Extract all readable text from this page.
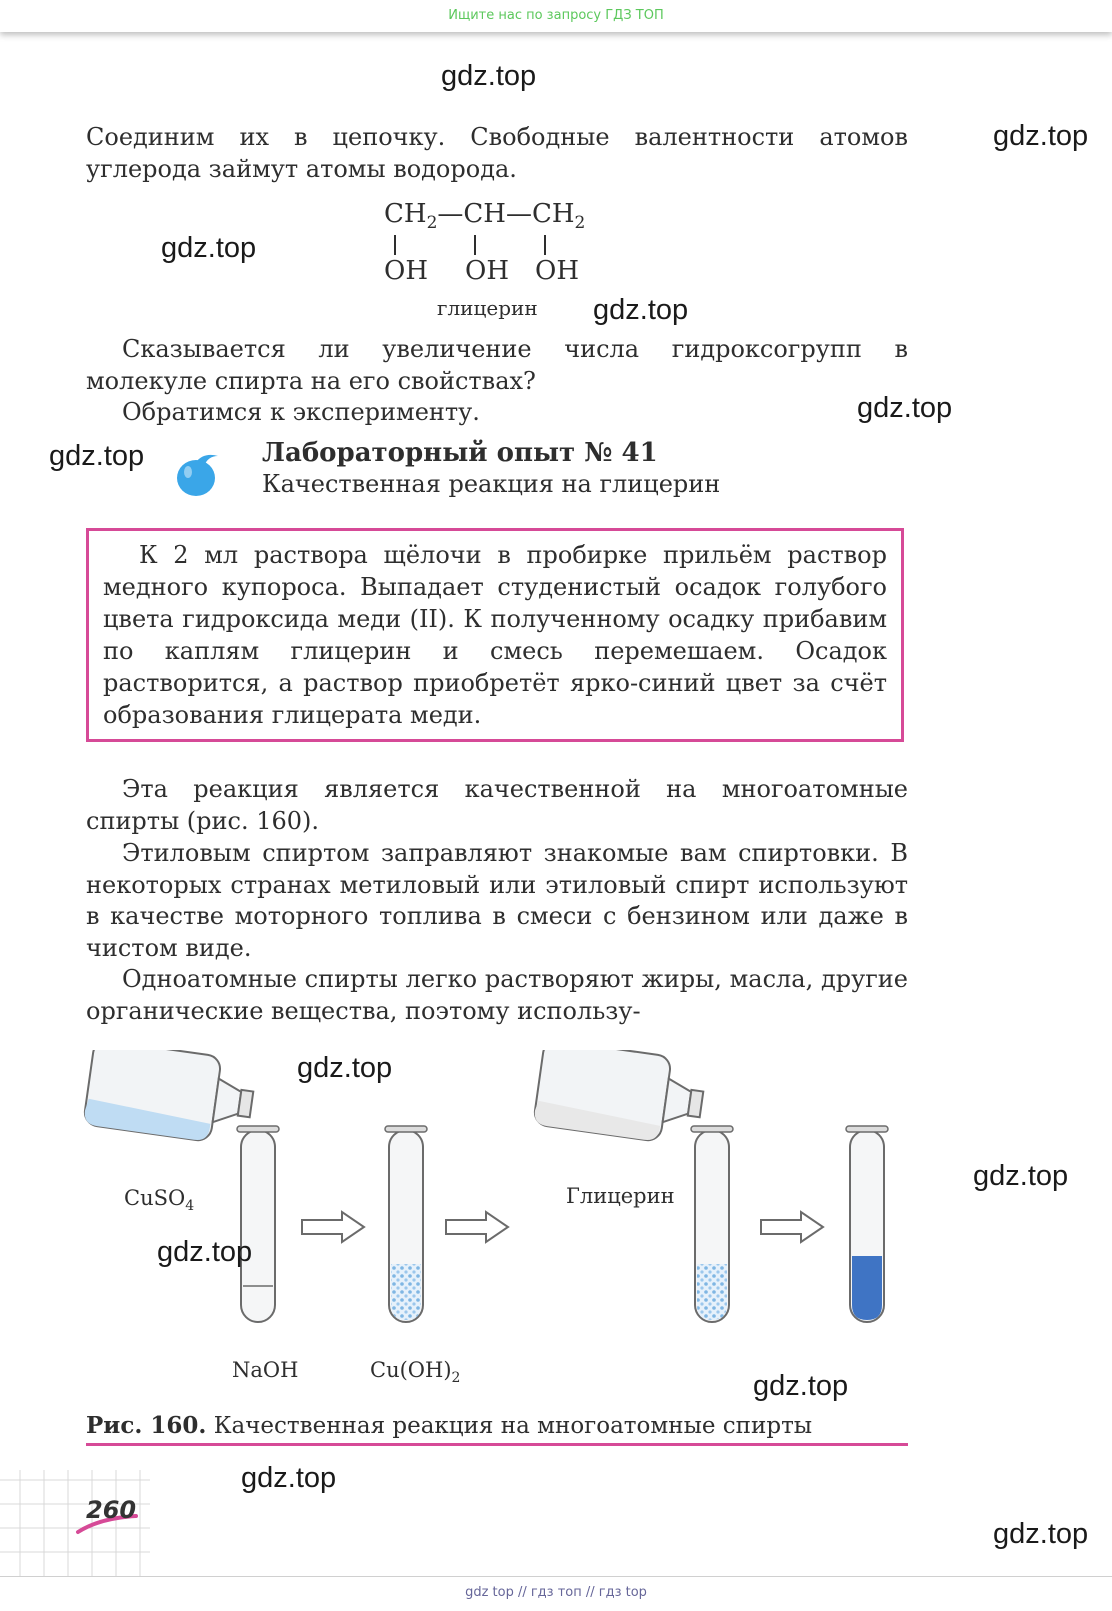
Ищите нас по запросу ГДЗ ТОП

Соединим их в цепочку. Свободные валентности атомов углерода займут атомы водорода.

$CH_2—CH—CH_2$
OH OH OH
глицерин

Сказывается ли увеличение числа гидроксогрупп в молекуле спирта на его свойствах?

Обратимся к эксперименту.

Лабораторный опыт № 41
Качественная реакция на глицерин

К 2 мл раствора щёлочи в пробирке прильём раствор медного купороса. Выпадает студенистый осадок голубого цвета гидроксида меди (II). К полученному осадку прибавим по каплям глицерин и смесь перемешаем. Осадок растворится, а раствор приобретёт ярко-синий цвет за счёт образования глицерата меди.

Эта реакция является качественной на многоатомные спирты (рис. 160).

Этиловым спиртом заправляют знакомые вам спиртовки. В некоторых странах метиловый или этиловый спирт используют в качестве моторного топлива в смеси с бензином или даже в чистом виде.

Одноатомные спирты легко растворяют жиры, масла, другие органические вещества, поэтому использу-

CuSO$_4$	Глицерин
NaOH	$Cu(OH)_2$
Рис. 160. Качественная реакция на многоатомные спирты
260
gdz.top
gdz.top
gdz.top
gdz.top
gdz.top
gdz.top
gdz.top
gdz.top
gdz.top
gdz.top
gdz.top
gdz.top
gdz top // гдз топ // гдз top
